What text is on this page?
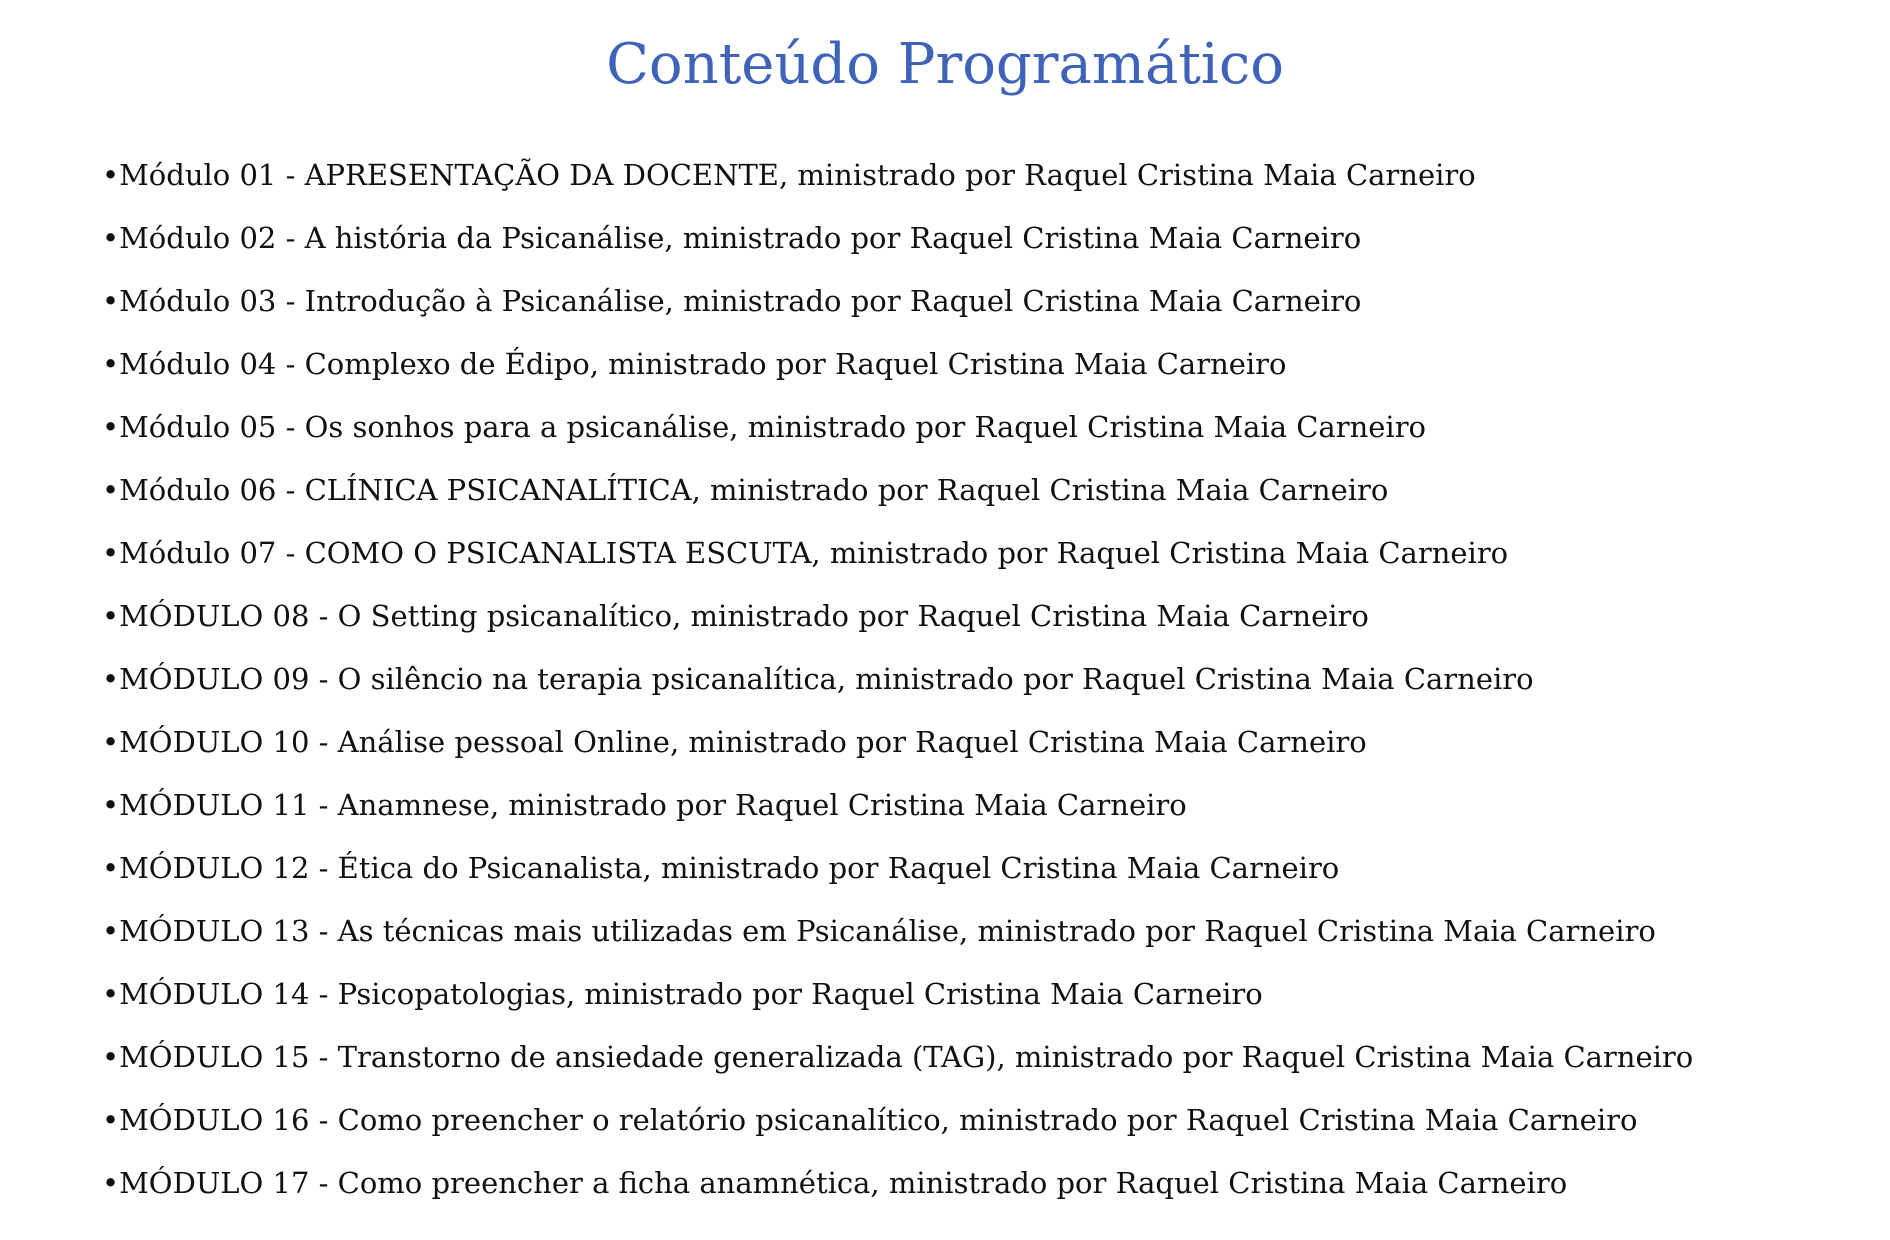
Conteúdo Programático
•Módulo 01 - APRESENTAÇÃO DA DOCENTE, ministrado por Raquel Cristina Maia Carneiro
•Módulo 02 - A história da Psicanálise, ministrado por Raquel Cristina Maia Carneiro
•Módulo 03 - Introdução à Psicanálise, ministrado por Raquel Cristina Maia Carneiro
•Módulo 04 - Complexo de Édipo, ministrado por Raquel Cristina Maia Carneiro
•Módulo 05 - Os sonhos para a psicanálise, ministrado por Raquel Cristina Maia Carneiro
•Módulo 06 - CLÍNICA PSICANALÍTICA, ministrado por Raquel Cristina Maia Carneiro
•Módulo 07 - COMO O PSICANALISTA ESCUTA, ministrado por Raquel Cristina Maia Carneiro
•MÓDULO 08 - O Setting psicanalítico, ministrado por Raquel Cristina Maia Carneiro
•MÓDULO 09 - O silêncio na terapia psicanalítica, ministrado por Raquel Cristina Maia Carneiro
•MÓDULO 10 - Análise pessoal Online, ministrado por Raquel Cristina Maia Carneiro
•MÓDULO 11 - Anamnese, ministrado por Raquel Cristina Maia Carneiro
•MÓDULO 12 - Ética do Psicanalista, ministrado por Raquel Cristina Maia Carneiro
•MÓDULO 13 - As técnicas mais utilizadas em Psicanálise, ministrado por Raquel Cristina Maia Carneiro
•MÓDULO 14 - Psicopatologias, ministrado por Raquel Cristina Maia Carneiro
•MÓDULO 15 - Transtorno de ansiedade generalizada (TAG), ministrado por Raquel Cristina Maia Carneiro
•MÓDULO 16 - Como preencher o relatório psicanalítico, ministrado por Raquel Cristina Maia Carneiro
•MÓDULO 17 - Como preencher a ficha anamnética, ministrado por Raquel Cristina Maia Carneiro
